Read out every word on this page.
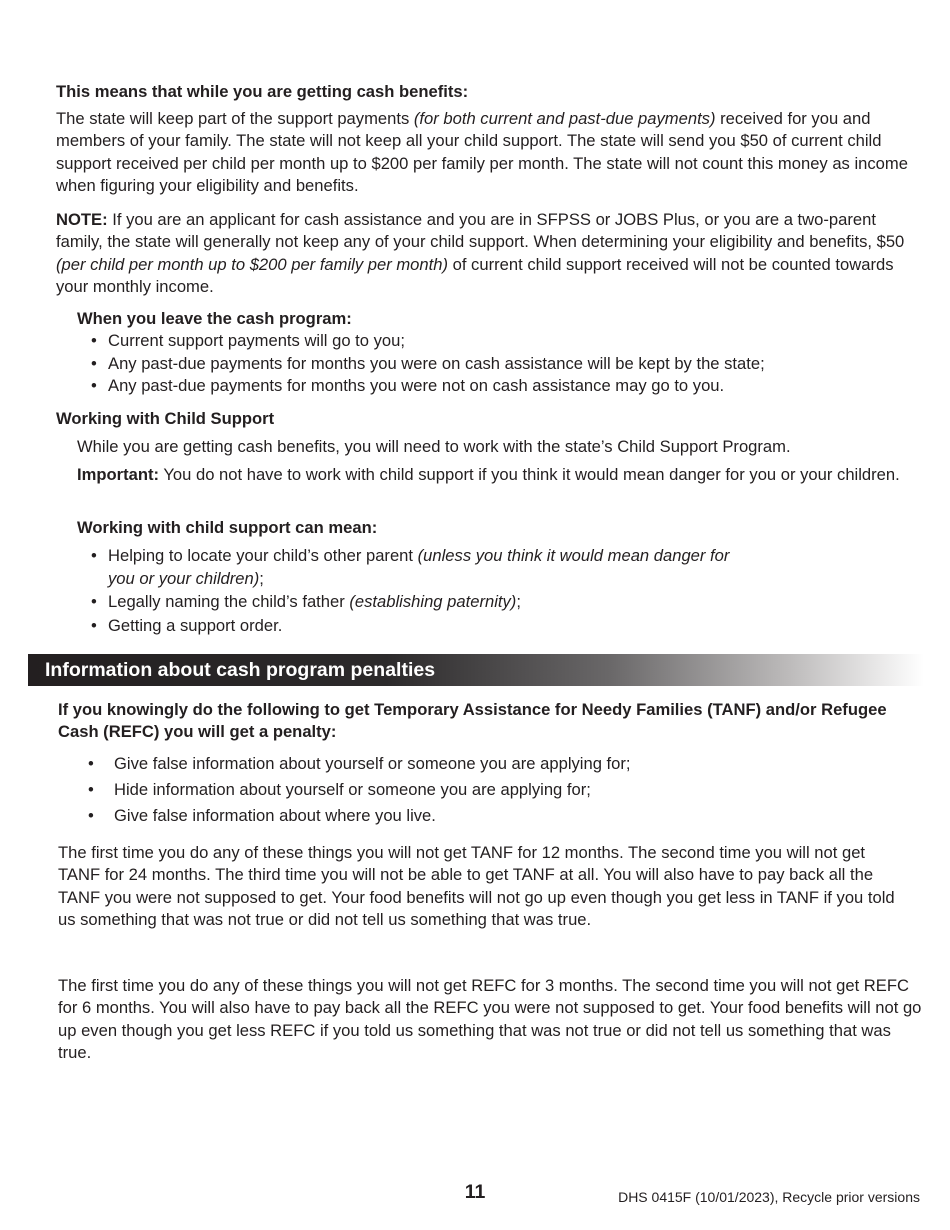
This means that while you are getting cash benefits:

The state will keep part of the support payments (for both current and past-due payments) received for you and members of your family. The state will not keep all your child support. The state will send you $50 of current child support received per child per month up to $200 per family per month. The state will not count this money as income when figuring your eligibility and benefits.

NOTE: If you are an applicant for cash assistance and you are in SFPSS or JOBS Plus, or you are a two-parent family, the state will generally not keep any of your child support. When determining your eligibility and benefits, $50 (per child per month up to $200 per family per month) of current child support received will not be counted towards your monthly income.

When you leave the cash program:

• Current support payments will go to you;
• Any past-due payments for months you were on cash assistance will be kept by the state;
• Any past-due payments for months you were not on cash assistance may go to you.

Working with Child Support

While you are getting cash benefits, you will need to work with the state’s Child Support Program.

Important: You do not have to work with child support if you think it would mean danger for you or your children.

Working with child support can mean:

• Helping to locate your child’s other parent (unless you think it would mean danger for
you or your children);
• Legally naming the child’s father (establishing paternity);
• Getting a support order.
Information about cash program penalties

If you knowingly do the following to get Temporary Assistance for Needy Families (TANF) and/or Refugee Cash (REFC) you will get a penalty:

• Give false information about yourself or someone you are applying for;
• Hide information about yourself or someone you are applying for;
• Give false information about where you live.

The first time you do any of these things you will not get TANF for 12 months. The second time you will not get TANF for 24 months. The third time you will not be able to get TANF at all. You will also have to pay back all the TANF you were not supposed to get. Your food benefits will not go up even though you get less in TANF if you told us something that was not true or did not tell us something that was true.

The first time you do any of these things you will not get REFC for 3 months. The second time you will not get REFC for 6 months. You will also have to pay back all the REFC you were not supposed to get. Your food benefits will not go up even though you get less REFC if you told us something that was not true or did not tell us something that was true.

11	DHS 0415F (10/01/2023), Recycle prior versions
